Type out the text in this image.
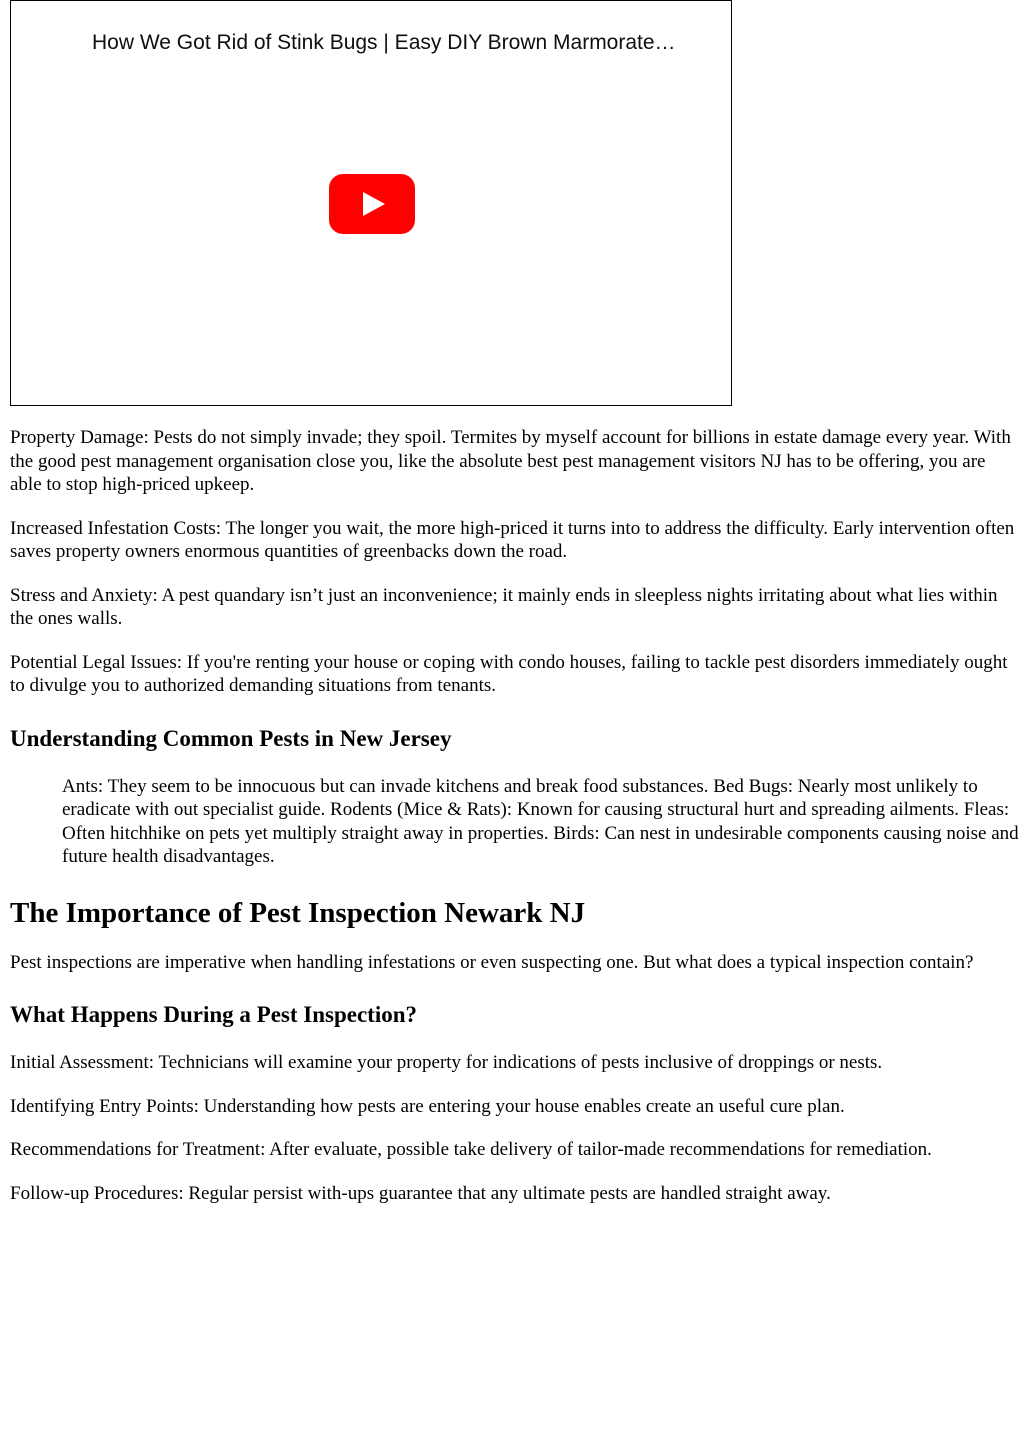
How We Got Rid of Stink Bugs | Easy DIY Brown Marmorate…

Property Damage: Pests do not simply invade; they spoil. Termites by myself account for billions in estate damage every year. With the good pest management organisation close you, like the absolute best pest management visitors NJ has to be offering, you are able to stop high-priced upkeep.

Increased Infestation Costs: The longer you wait, the more high-priced it turns into to address the difficulty. Early intervention often saves property owners enormous quantities of greenbacks down the road.

Stress and Anxiety: A pest quandary isn’t just an inconvenience; it mainly ends in sleepless nights irritating about what lies within the ones walls.

Potential Legal Issues: If you're renting your house or coping with condo houses, failing to tackle pest disorders immediately ought to divulge you to authorized demanding situations from tenants.

Understanding Common Pests in New Jersey

Ants: They seem to be innocuous but can invade kitchens and break food substances. Bed Bugs: Nearly most unlikely to eradicate with out specialist guide. Rodents (Mice & Rats): Known for causing structural hurt and spreading ailments. Fleas: Often hitchhike on pets yet multiply straight away in properties. Birds: Can nest in undesirable components causing noise and future health disadvantages.

The Importance of Pest Inspection Newark NJ

Pest inspections are imperative when handling infestations or even suspecting one. But what does a typical inspection contain?

What Happens During a Pest Inspection?

Initial Assessment: Technicians will examine your property for indications of pests inclusive of droppings or nests.

Identifying Entry Points: Understanding how pests are entering your house enables create an useful cure plan.

Recommendations for Treatment: After evaluate, possible take delivery of tailor-made recommendations for remediation.

Follow-up Procedures: Regular persist with-ups guarantee that any ultimate pests are handled straight away.
